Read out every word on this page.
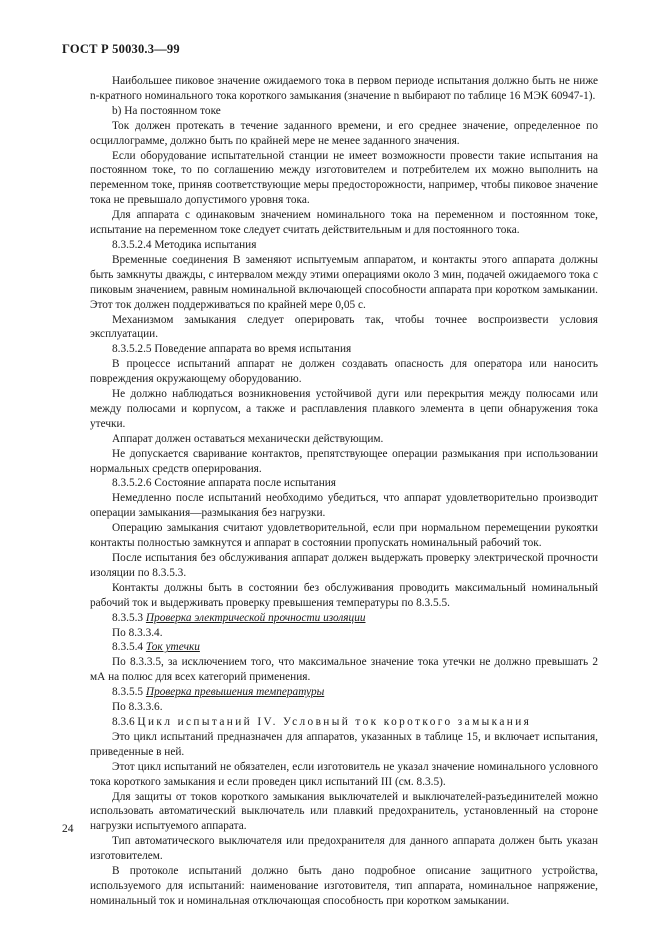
ГОСТ Р 50030.3—99

Наибольшее пиковое значение ожидаемого тока в первом периоде испытания должно быть не ниже n-кратного номинального тока короткого замыкания (значение n выбирают по таблице 16 МЭК 60947-1).

b) На постоянном токе

Ток должен протекать в течение заданного времени, и его среднее значение, определенное по осциллограмме, должно быть по крайней мере не менее заданного значения.

Если оборудование испытательной станции не имеет возможности провести такие испытания на постоянном токе, то по соглашению между изготовителем и потребителем их можно выполнить на переменном токе, приняв соответствующие меры предосторожности, например, чтобы пиковое значение тока не превышало допустимого уровня тока.

Для аппарата с одинаковым значением номинального тока на переменном и постоянном токе, испытание на переменном токе следует считать действительным и для постоянного тока.

8.3.5.2.4 Методика испытания

Временные соединения B заменяют испытуемым аппаратом, и контакты этого аппарата должны быть замкнуты дважды, с интервалом между этими операциями около 3 мин, подачей ожидаемого тока с пиковым значением, равным номинальной включающей способности аппарата при коротком замыкании. Этот ток должен поддерживаться по крайней мере 0,05 с.

Механизмом замыкания следует оперировать так, чтобы точнее воспроизвести условия эксплуатации.

8.3.5.2.5 Поведение аппарата во время испытания

В процессе испытаний аппарат не должен создавать опасность для оператора или наносить повреждения окружающему оборудованию.

Не должно наблюдаться возникновения устойчивой дуги или перекрытия между полюсами или между полюсами и корпусом, а также и расплавления плавкого элемента в цепи обнаружения тока утечки.

Аппарат должен оставаться механически действующим.

Не допускается сваривание контактов, препятствующее операции размыкания при использовании нормальных средств оперирования.

8.3.5.2.6 Состояние аппарата после испытания

Немедленно после испытаний необходимо убедиться, что аппарат удовлетворительно производит операции замыкания—размыкания без нагрузки.

Операцию замыкания считают удовлетворительной, если при нормальном перемещении рукоятки контакты полностью замкнутся и аппарат в состоянии пропускать номинальный рабочий ток.

После испытания без обслуживания аппарат должен выдержать проверку электрической прочности изоляции по 8.3.5.3.

Контакты должны быть в состоянии без обслуживания проводить максимальный номинальный рабочий ток и выдерживать проверку превышения температуры по 8.3.5.5.

8.3.5.3 Проверка электрической прочности изоляции

По 8.3.3.4.

8.3.5.4 Ток утечки

По 8.3.3.5, за исключением того, что максимальное значение тока утечки не должно превышать 2 мА на полюс для всех категорий применения.

8.3.5.5 Проверка превышения температуры

По 8.3.3.6.

8.3.6 Цикл испытаний IV. Условный ток короткого замыкания

Это цикл испытаний предназначен для аппаратов, указанных в таблице 15, и включает испытания, приведенные в ней.

Этот цикл испытаний не обязателен, если изготовитель не указал значение номинального условного тока короткого замыкания и если проведен цикл испытаний III (см. 8.3.5).

Для защиты от токов короткого замыкания выключателей и выключателей-разъединителей можно использовать автоматический выключатель или плавкий предохранитель, установленный на стороне нагрузки испытуемого аппарата.

Тип автоматического выключателя или предохранителя для данного аппарата должен быть указан изготовителем.

В протоколе испытаний должно быть дано подробное описание защитного устройства, используемого для испытаний: наименование изготовителя, тип аппарата, номинальное напряжение, номинальный ток и номинальная отключающая способность при коротком замыкании.

24
